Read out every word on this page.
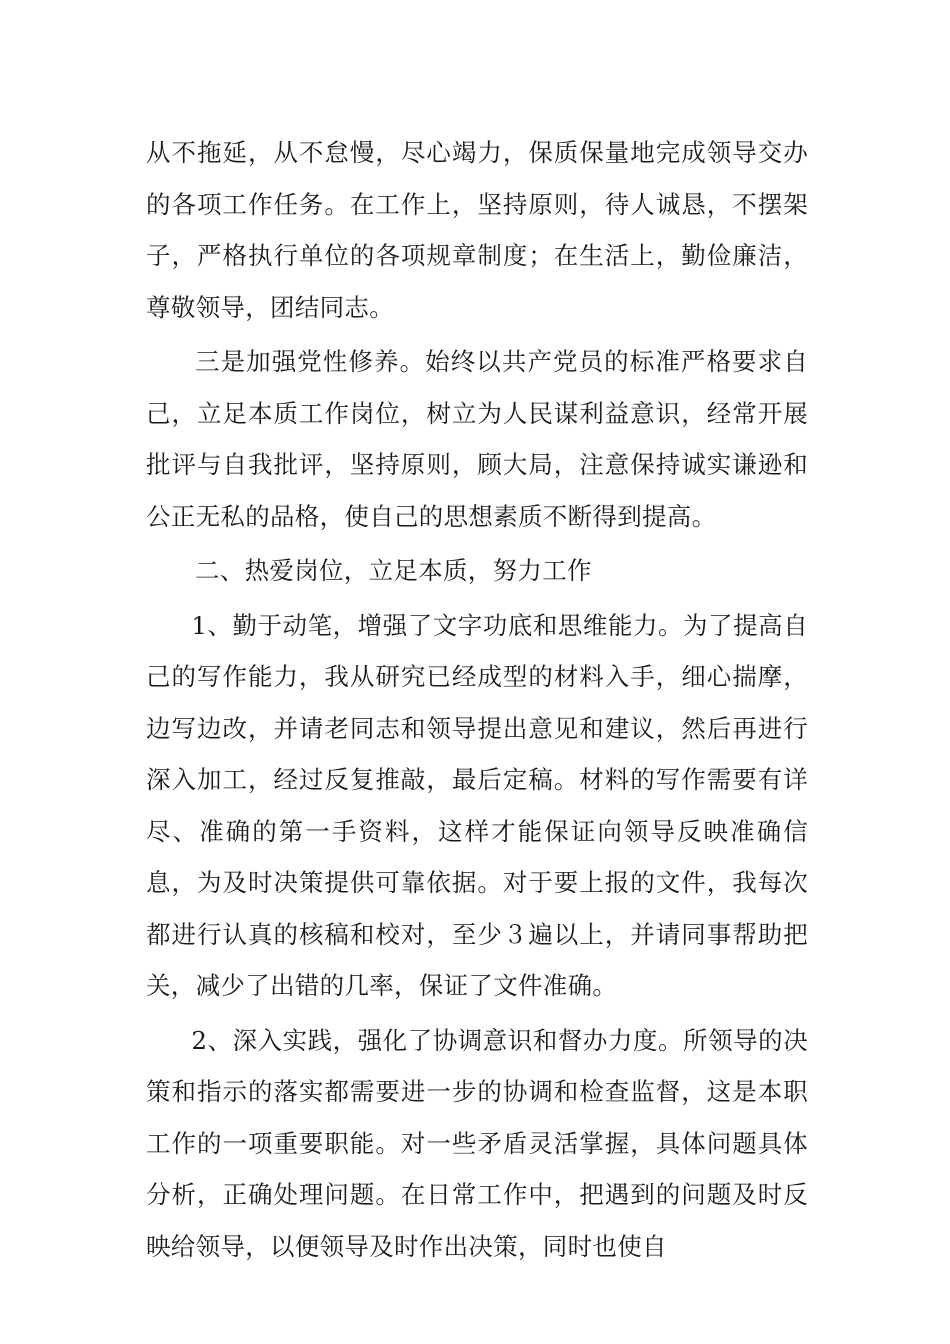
从不拖延，从不怠慢，尽心竭力，保质保量地完成领导交办的各项工作任务。在工作上，坚持原则，待人诚恳，不摆架子，严格执行单位的各项规章制度；在生活上，勤俭廉洁，尊敬领导，团结同志。

三是加强党性修养。始终以共产党员的标准严格要求自己，立足本质工作岗位，树立为人民谋利益意识，经常开展批评与自我批评，坚持原则，顾大局，注意保持诚实谦逊和公正无私的品格，使自己的思想素质不断得到提高。

二、热爱岗位，立足本质，努力工作

1、勤于动笔，增强了文字功底和思维能力。为了提高自己的写作能力，我从研究已经成型的材料入手，细心揣摩，边写边改，并请老同志和领导提出意见和建议，然后再进行深入加工，经过反复推敲，最后定稿。材料的写作需要有详尽、准确的第一手资料，这样才能保证向领导反映准确信息，为及时决策提供可靠依据。对于要上报的文件，我每次都进行认真的核稿和校对，至少３遍以上，并请同事帮助把关，减少了出错的几率，保证了文件准确。

2、深入实践，强化了协调意识和督办力度。所领导的决策和指示的落实都需要进一步的协调和检查监督，这是本职工作的一项重要职能。对一些矛盾灵活掌握，具体问题具体分析，正确处理问题。在日常工作中，把遇到的问题及时反映给领导，以便领导及时作出决策，同时也使自
